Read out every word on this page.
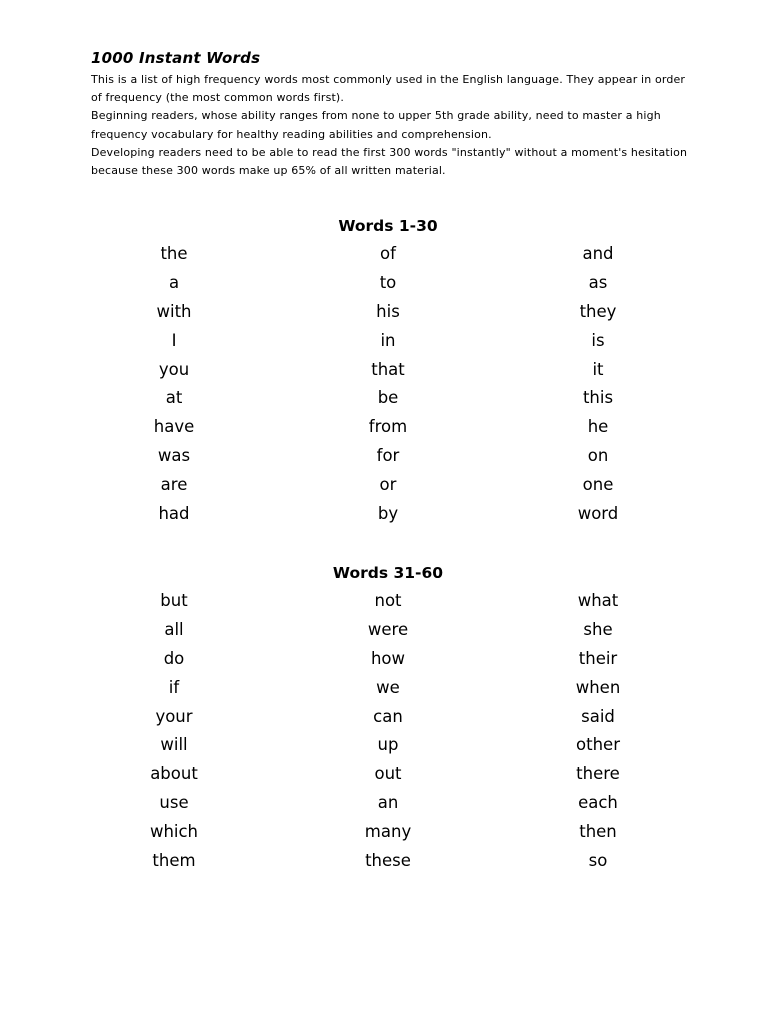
1000 Instant Words

This is a list of high frequency words most commonly used in the English language. They appear in order of frequency (the most common words first).

Beginning readers, whose ability ranges from none to upper 5th grade ability, need to master a high frequency vocabulary for healthy reading abilities and comprehension.

Developing readers need to be able to read the first 300 words "instantly" without a moment's hesitation because these 300 words make up 65% of all written material.

Words 1-30
the	of	and
a	to	as
with	his	they
I	in	is
you	that	it
at	be	this
have	from	he
was	for	on
are	or	one
had	by	word
Words 31-60
but	not	what
all	were	she
do	how	their
if	we	when
your	can	said
will	up	other
about	out	there
use	an	each
which	many	then
them	these	so
